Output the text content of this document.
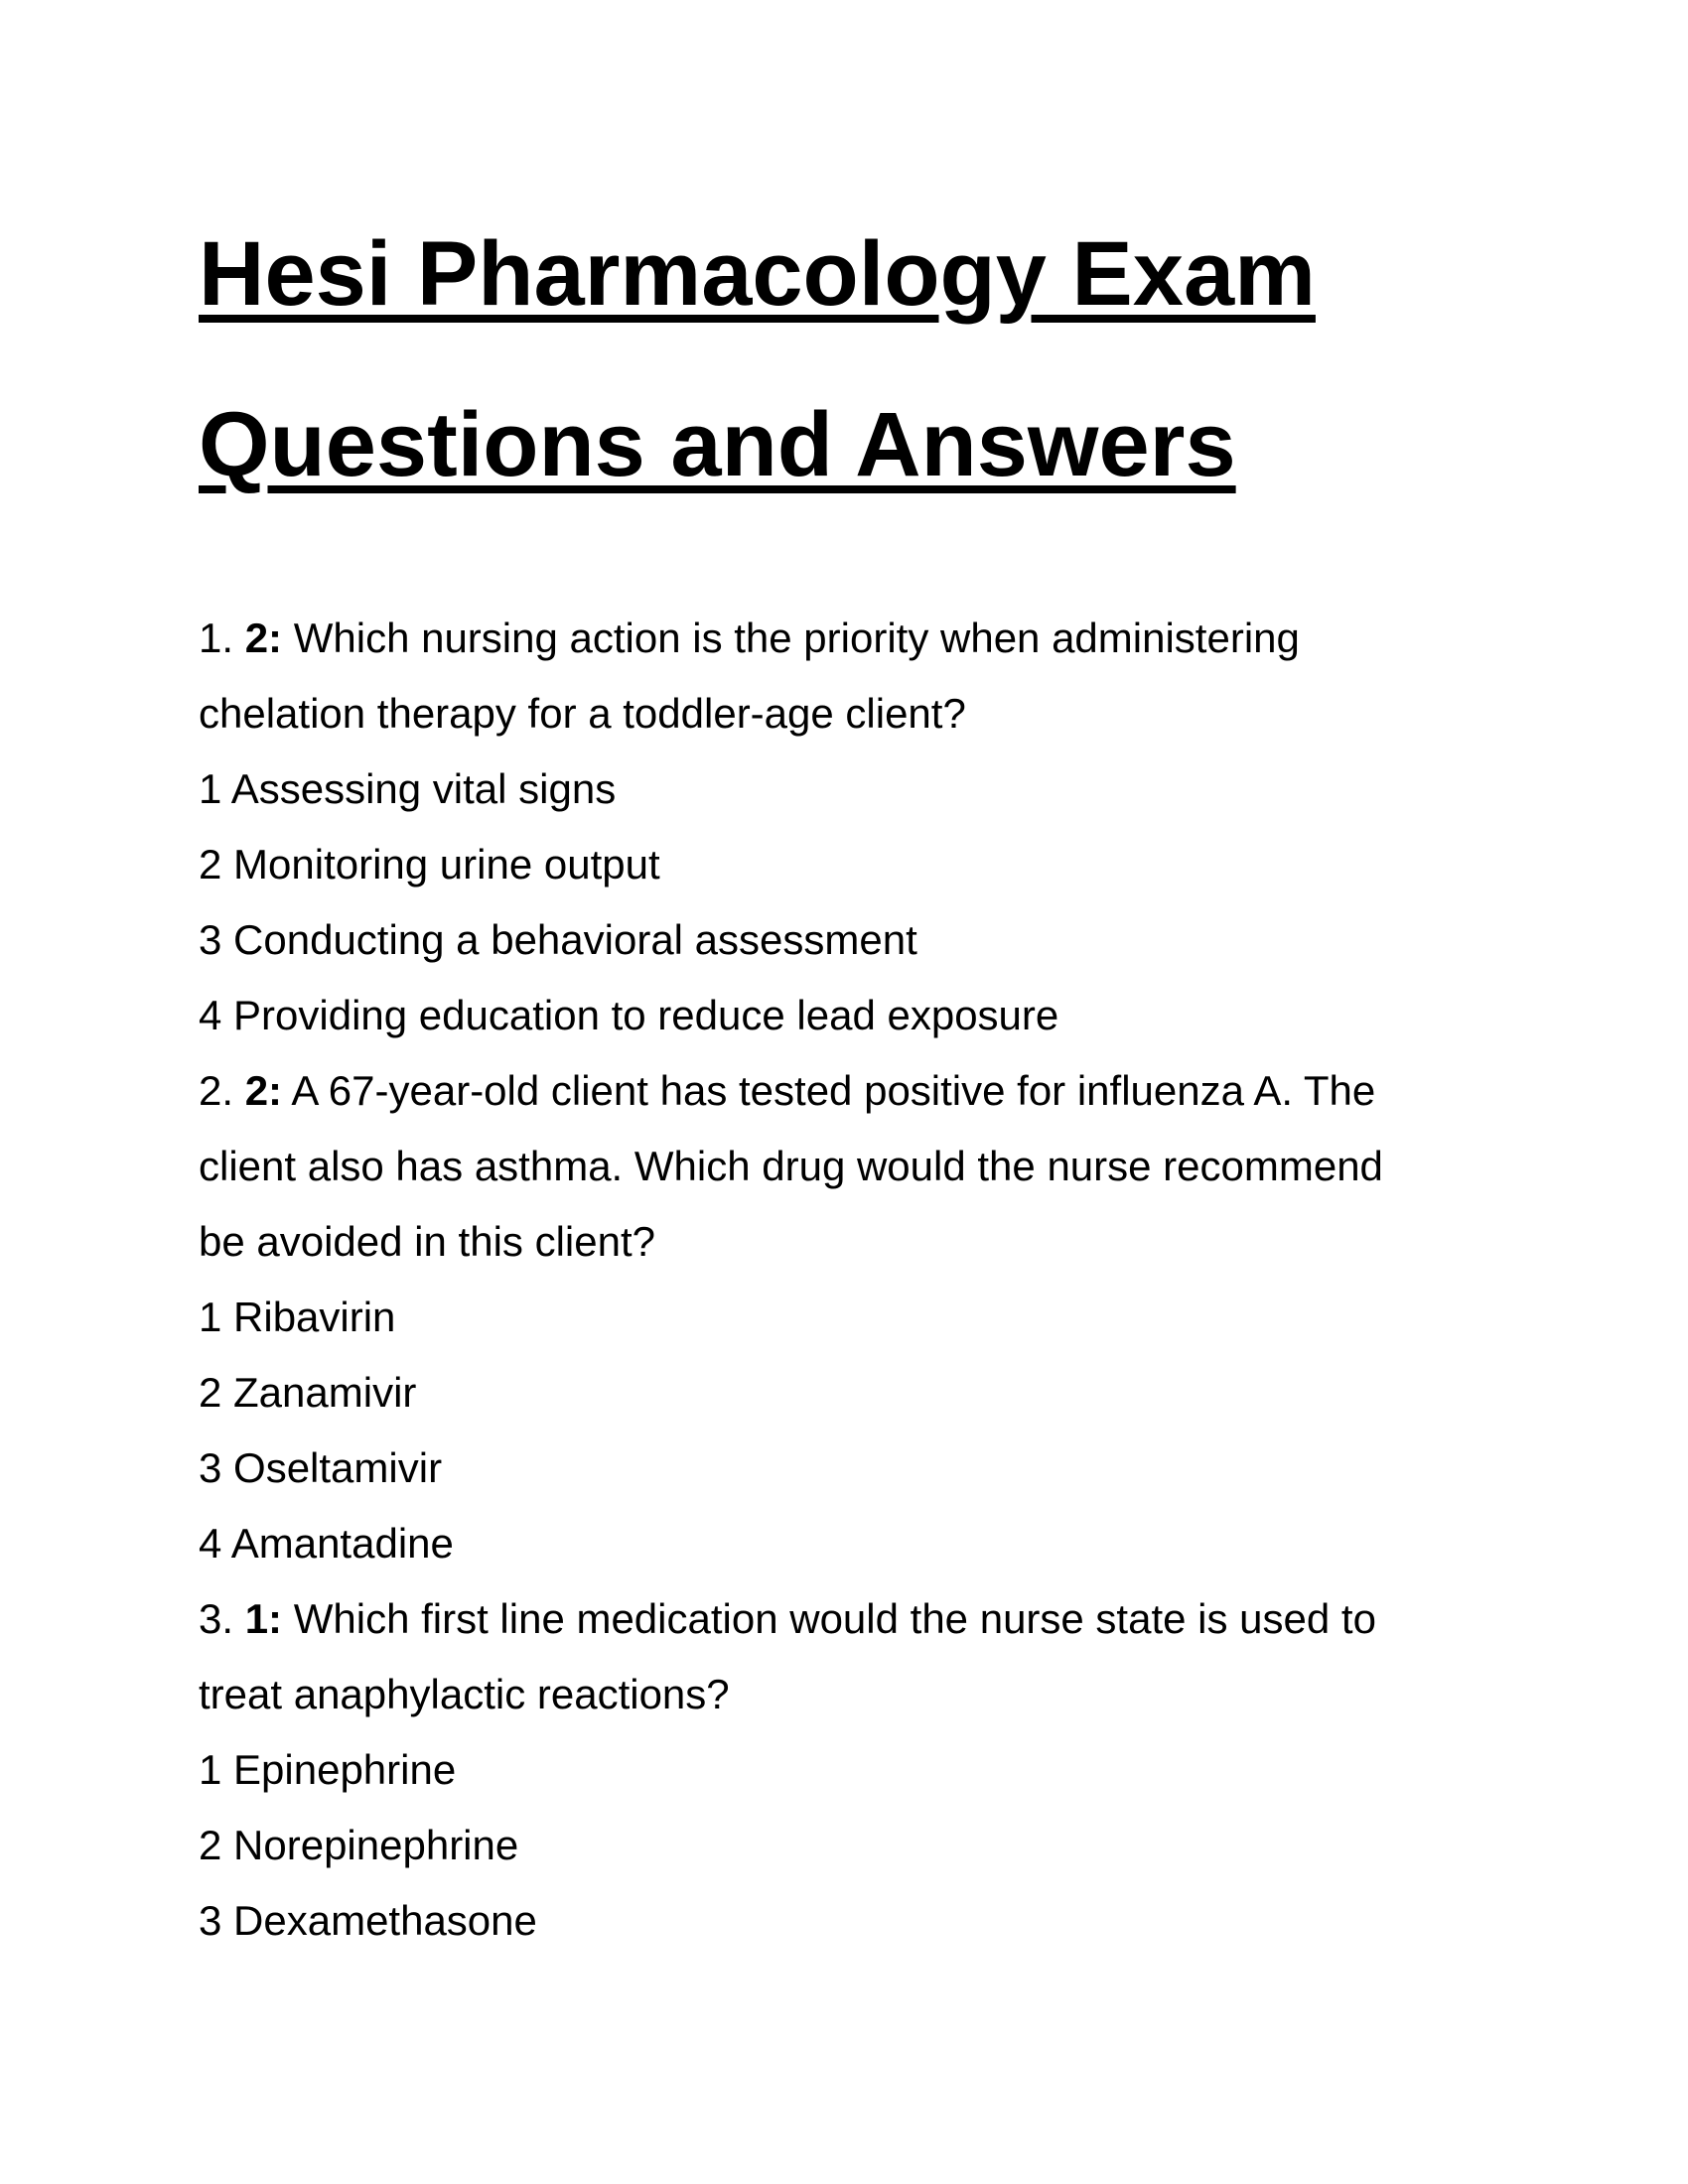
Hesi Pharmacology Exam
Questions and Answers
1. 2: Which nursing action is the priority when administering
chelation therapy for a toddler-age client?
1 Assessing vital signs
2 Monitoring urine output
3 Conducting a behavioral assessment
4 Providing education to reduce lead exposure
2. 2: A 67-year-old client has tested positive for influenza A. The
client also has asthma. Which drug would the nurse recommend
be avoided in this client?
1 Ribavirin
2 Zanamivir
3 Oseltamivir
4 Amantadine
3. 1: Which first line medication would the nurse state is used to
treat anaphylactic reactions?
1 Epinephrine
2 Norepinephrine
3 Dexamethasone
